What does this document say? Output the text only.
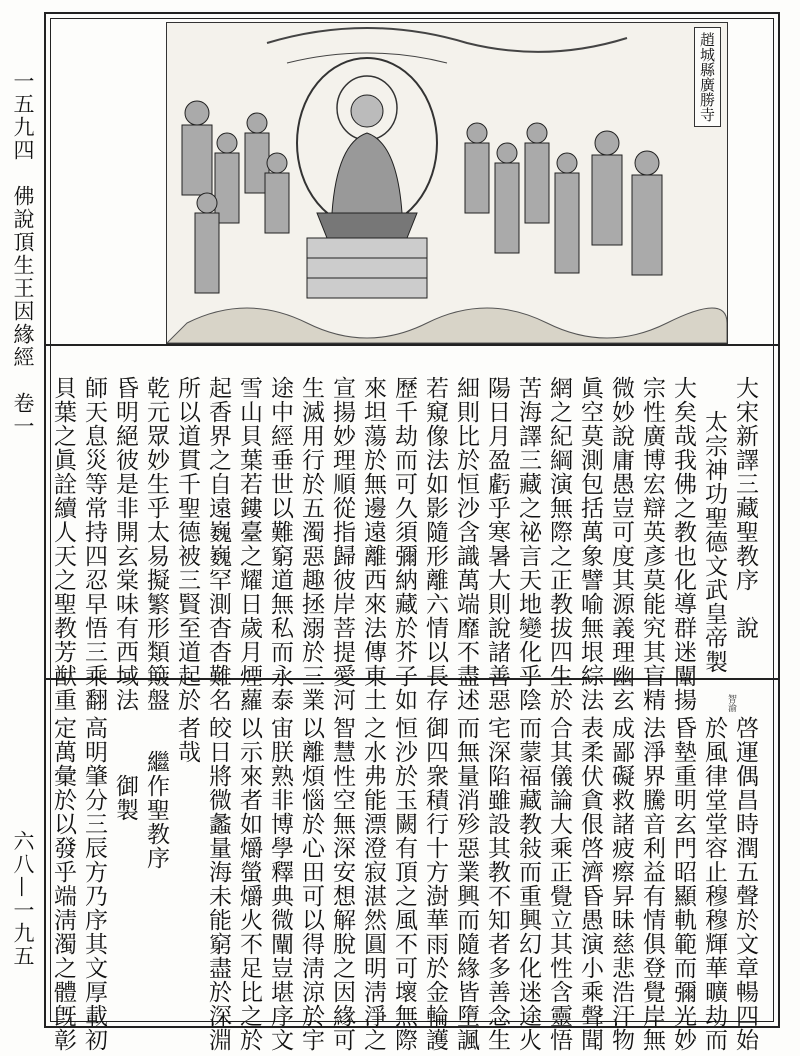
一五九四　佛說頂生王因緣經　卷一
六八—一九五
趙城縣廣勝寺
大宋新譯三藏聖教序　說
太宗神功聖德文武皇帝製
大矣哉我佛之教也化導群迷闡揚
宗性廣博宏辯英彥莫能究其盲精
微妙說庸愚豈可度其源義理幽玄
眞空莫測包括萬象譬喻無垠綜法
網之紀綱演無際之正教拔四生於
苦海譯三藏之祕言天地變化乎陰
陽日月盈虧乎寒暑大則說諸善惡
細則比於恒沙含識萬端靡不盡述
若窺像法如影隨形離六情以長存
歷千劫而可久須彌納藏於芥子如
來坦蕩於無邊遠離西來法傳東土
宣揚妙理順從指歸彼岸菩提愛河
生滅用行於五濁惡趣拯溺於三業
途中經垂世以難窮道無私而永泰
雪山貝葉若鏤臺之耀日歲月煙蘿
起香界之自遠巍巍罕測杳杳難名
所以道貫千聖德被三賢至道起於
乾元眾妙生乎太易擬繁形類簸盤
昏明絕彼是非開玄棠味有西域法
師天息災等常持四忍早悟三乘翻
貝葉之眞詮續人天之聖教芳猷重
啓運偶昌時潤五聲於文章暢四始
於風律堂堂容止穆穆輝華曠劫而
昏墊重明玄門昭顯軌範而彌光妙
法淨界騰音利益有情俱登覺岸無
成鄙礙救諸疲瘵昇昧慈悲浩汗物
表柔伏貪佷啓濟昏愚演小乘聲聞
合其儀論大乘正覺立其性含靈悟
而蒙福藏教敍而重興幻化迷途火
宅深陷雖設其教不知者多善念生
而無量消殄惡業興而隨緣皆墮諷
御四衆積行十方澍華雨於金輪護
恒沙於玉闕有頂之風不可壞無際
之水弗能漂澄寂湛然圓明淸淨之
智慧性空無深安想解脫之因緣可
以離煩惱於心田可以得淸涼於宇
宙朕熟非博學釋典微闡豈堪序文
以示來者如爝螢爝火不足比之於
皎日將微蠡量海未能窮盡於深淵
者哉
繼作聖教序
御製
高明肇分三辰方乃序其文厚載初
定萬彙於以發乎端淸濁之體旣彰
智渝
